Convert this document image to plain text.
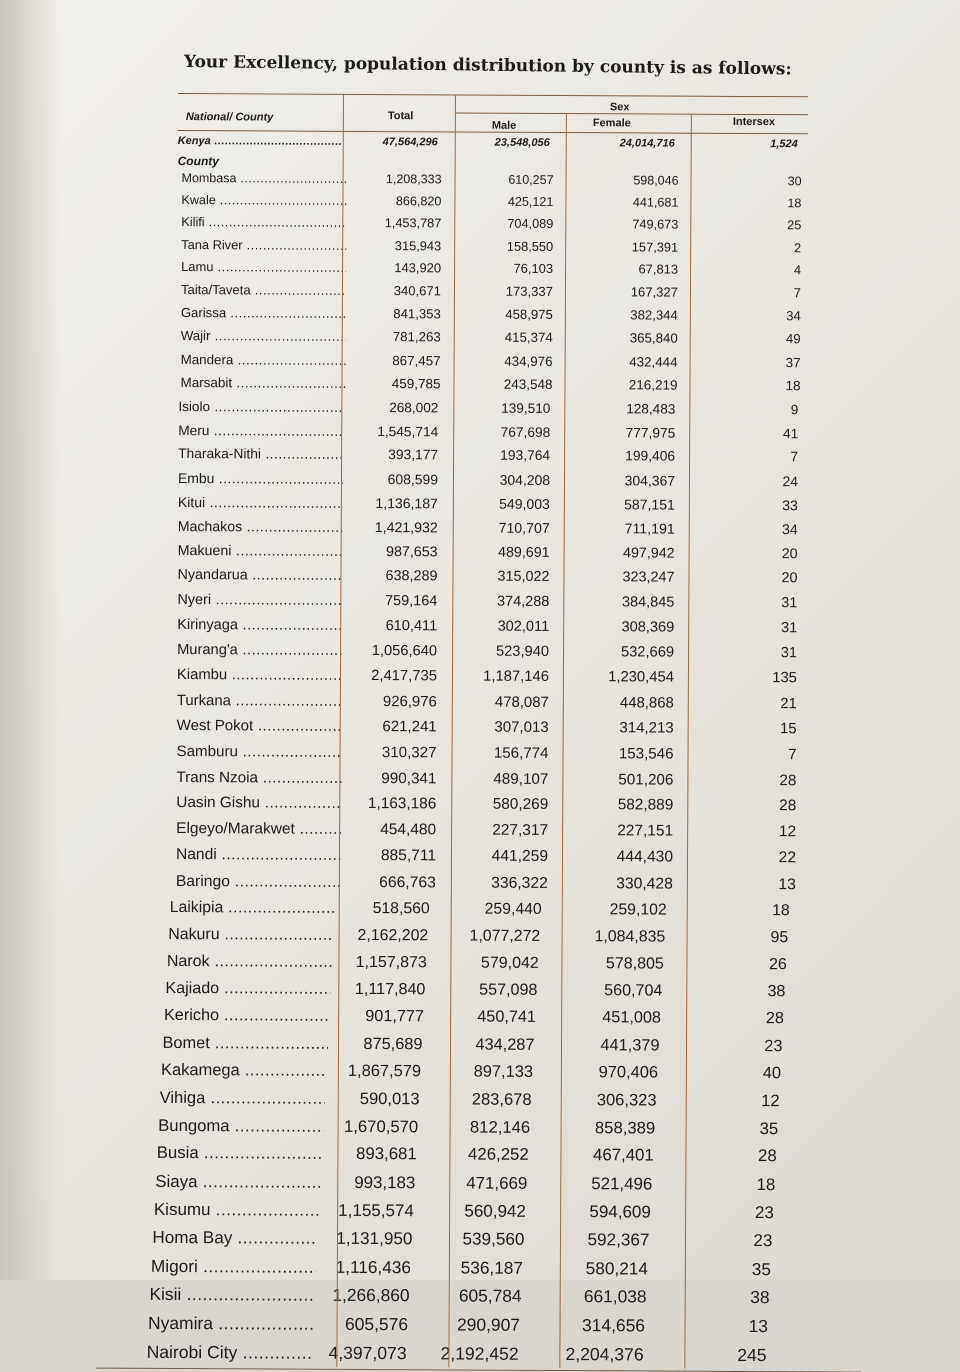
Your Excellency, population distribution by county is as follows:
National/ County	Total
Sex
Male	Female	Intersex
Kenya .....	47,564,296	23,548,056	24,014,716	1,524
County
Mombasa .....	1,208,333	610,257	598,046	30
Kwale .....	866,820	425,121	441,681	18
Kilifi .....	1,453,787	704,089	749,673	25
Tana River .....	315,943	158,550	157,391	2
Lamu .....	143,920	76,103	67,813	4
Taita/Taveta .....	340,671	173,337	167,327	7
Garissa .....	841,353	458,975	382,344	34
Wajir .....	781,263	415,374	365,840	49
Mandera .....	867,457	434,976	432,444	37
Marsabit .....	459,785	243,548	216,219	18
Isiolo .....	268,002	139,510	128,483	9
Meru .....	1,545,714	767,698	777,975	41
Tharaka-Nithi .....	393,177	193,764	199,406	7
Embu .....	608,599	304,208	304,367	24
Kitui .....	1,136,187	549,003	587,151	33
Machakos .....	1,421,932	710,707	711,191	34
Makueni .....	987,653	489,691	497,942	20
Nyandarua .....	638,289	315,022	323,247	20
Nyeri .....	759,164	374,288	384,845	31
Kirinyaga .....	610,411	302,011	308,369	31
Murang'a .....	1,056,640	523,940	532,669	31
Kiambu .....	2,417,735	1,187,146	1,230,454	135
Turkana .....	926,976	478,087	448,868	21
West Pokot .....	621,241	307,013	314,213	15
Samburu .....	310,327	156,774	153,546	7
Trans Nzoia .....	990,341	489,107	501,206	28
Uasin Gishu .....	1,163,186	580,269	582,889	28
Elgeyo/Marakwet .....	454,480	227,317	227,151	12
Nandi .....	885,711	441,259	444,430	22
Baringo .....	666,763	336,322	330,428	13
Laikipia .....	518,560	259,440	259,102	18
Nakuru .....	2,162,202	1,077,272	1,084,835	95
Narok .....	1,157,873	579,042	578,805	26
Kajiado .....	1,117,840	557,098	560,704	38
Kericho .....	901,777	450,741	451,008	28
Bomet .....	875,689	434,287	441,379	23
Kakamega .....	1,867,579	897,133	970,406	40
Vihiga .....	590,013	283,678	306,323	12
Bungoma .....	1,670,570	812,146	858,389	35
Busia .....	893,681	426,252	467,401	28
Siaya .....	993,183	471,669	521,496	18
Kisumu .....	1,155,574	560,942	594,609	23
Homa Bay .....	1,131,950	539,560	592,367	23
Migori .....	1,116,436	536,187	580,214	35
Kisii .....	1,266,860	605,784	661,038	38
Nyamira .....	605,576	290,907	314,656	13
Nairobi City .....	4,397,073	2,192,452	2,204,376	245
